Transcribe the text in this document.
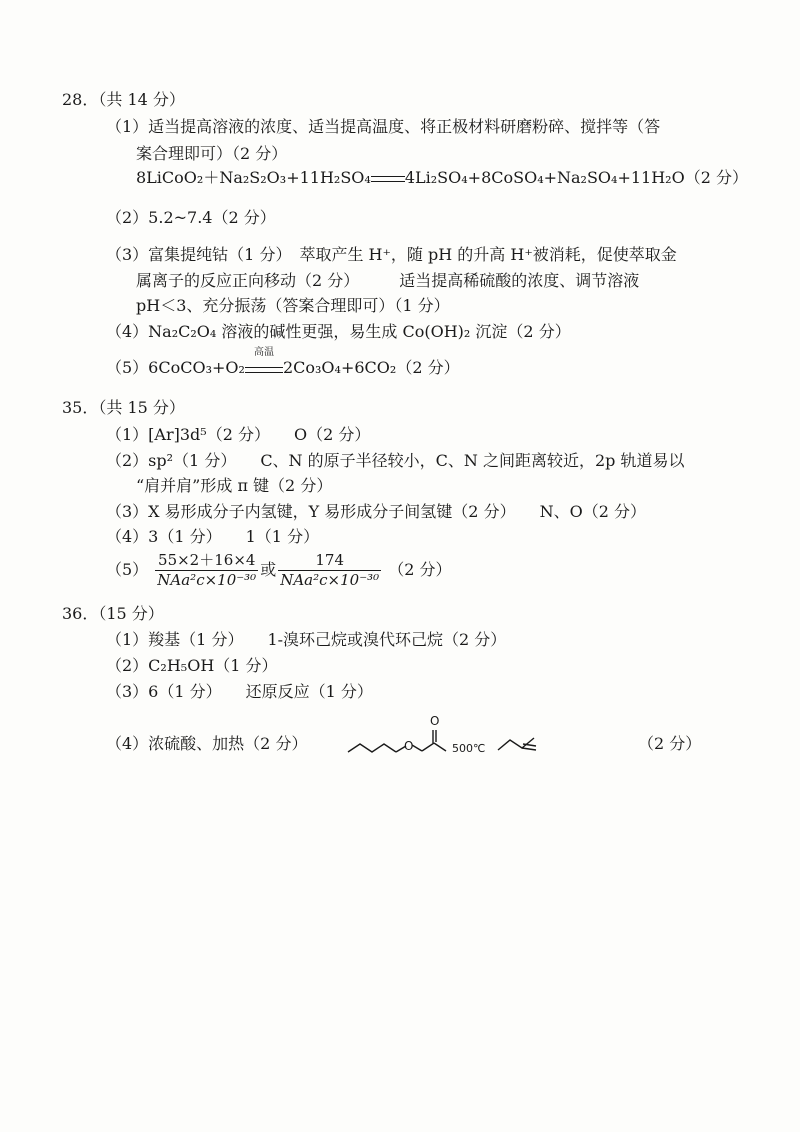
28．（共 14 分）
（1）适当提高溶液的浓度、适当提高温度、将正极材料研磨粉碎、搅拌等（答
案合理即可）（2 分）
8LiCoO₂＋Na₂S₂O₃+11H₂SO₄ 4Li₂SO₄+8CoSO₄+Na₂SO₄+11H₂O（2 分）
（2）5.2~7.4（2 分）
（3）富集提纯钴（1 分）　萃取产生 H⁺，随 pH 的升高 H⁺被消耗，促使萃取金
属离子的反应正向移动（2 分）　　　适当提高稀硫酸的浓度、调节溶液
pH＜3、充分振荡（答案合理即可）（1 分）
（4）Na₂C₂O₄ 溶液的碱性更强，易生成 Co(OH)₂ 沉淀（2 分）
（5）6CoCO₃+O₂
高温
2Co₃O₄+6CO₂（2 分）
35．（共 15 分）
（1）[Ar]3d⁵（2 分）　　O（2 分）
（2）sp²（1 分）　　C、N 的原子半径较小，C、N 之间距离较近，2p 轨道易以
“肩并肩”形成 π 键（2 分）
（3）X 易形成分子内氢键，Y 易形成分子间氢键（2 分）　　N、O（2 分）
（4）3（1 分）　　1（1 分）
$(5) \frac{55\times 2+16\times 4}{\text{NAa²c×10⁻³⁰}}$ 或 $\frac{174}{\text{NAa²c×10⁻³⁰}} (2$ 分）
36．（15 分）
（1）羧基（1 分）　　1-溴环己烷或溴代环己烷（2 分）
（2）C₂H₅OH（1 分）
（3）6（1 分）　　还原反应（1 分）
（4）浓硫酸、加热（2 分）	O
O
500℃	（2 分）
